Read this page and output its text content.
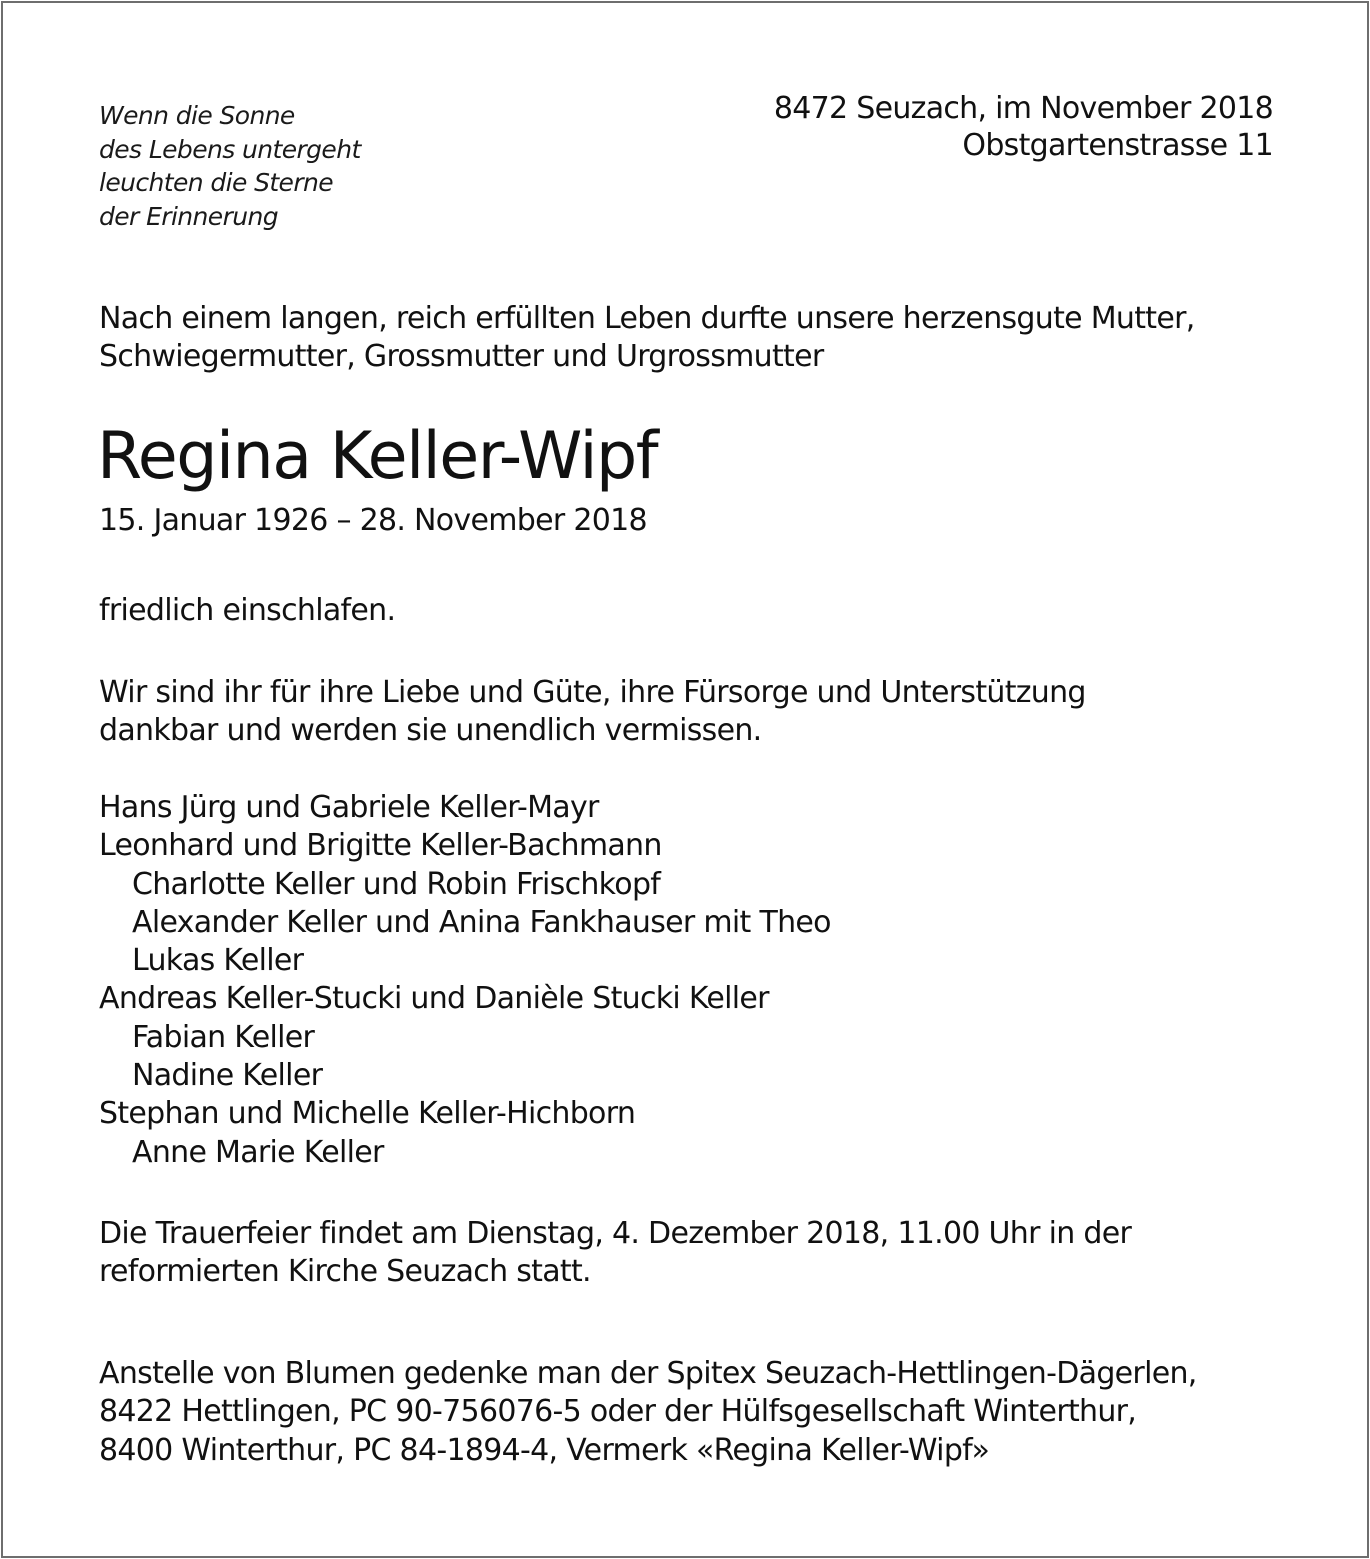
Wenn die Sonne
des Lebens untergeht
leuchten die Sterne
der Erinnerung
8472 Seuzach, im November 2018
Obstgartenstrasse 11
Nach einem langen, reich erfüllten Leben durfte unsere herzensgute Mutter,
Schwiegermutter, Grossmutter und Urgrossmutter
Regina Keller-Wipf
15. Januar 1926 – 28. November 2018
friedlich einschlafen.
Wir sind ihr für ihre Liebe und Güte, ihre Fürsorge und Unterstützung
dankbar und werden sie unendlich vermissen.
Hans Jürg und Gabriele Keller-Mayr
Leonhard und Brigitte Keller-Bachmann
Charlotte Keller und Robin Frischkopf
Alexander Keller und Anina Fankhauser mit Theo
Lukas Keller
Andreas Keller-Stucki und Danièle Stucki Keller
Fabian Keller
Nadine Keller
Stephan und Michelle Keller-Hichborn
Anne Marie Keller
Die Trauerfeier findet am Dienstag, 4. Dezember 2018, 11.00 Uhr in der
reformierten Kirche Seuzach statt.
Anstelle von Blumen gedenke man der Spitex Seuzach-Hettlingen-Dägerlen,
8422 Hettlingen, PC 90-756076-5 oder der Hülfsgesellschaft Winterthur,
8400 Winterthur, PC 84-1894-4, Vermerk «Regina Keller-Wipf»
